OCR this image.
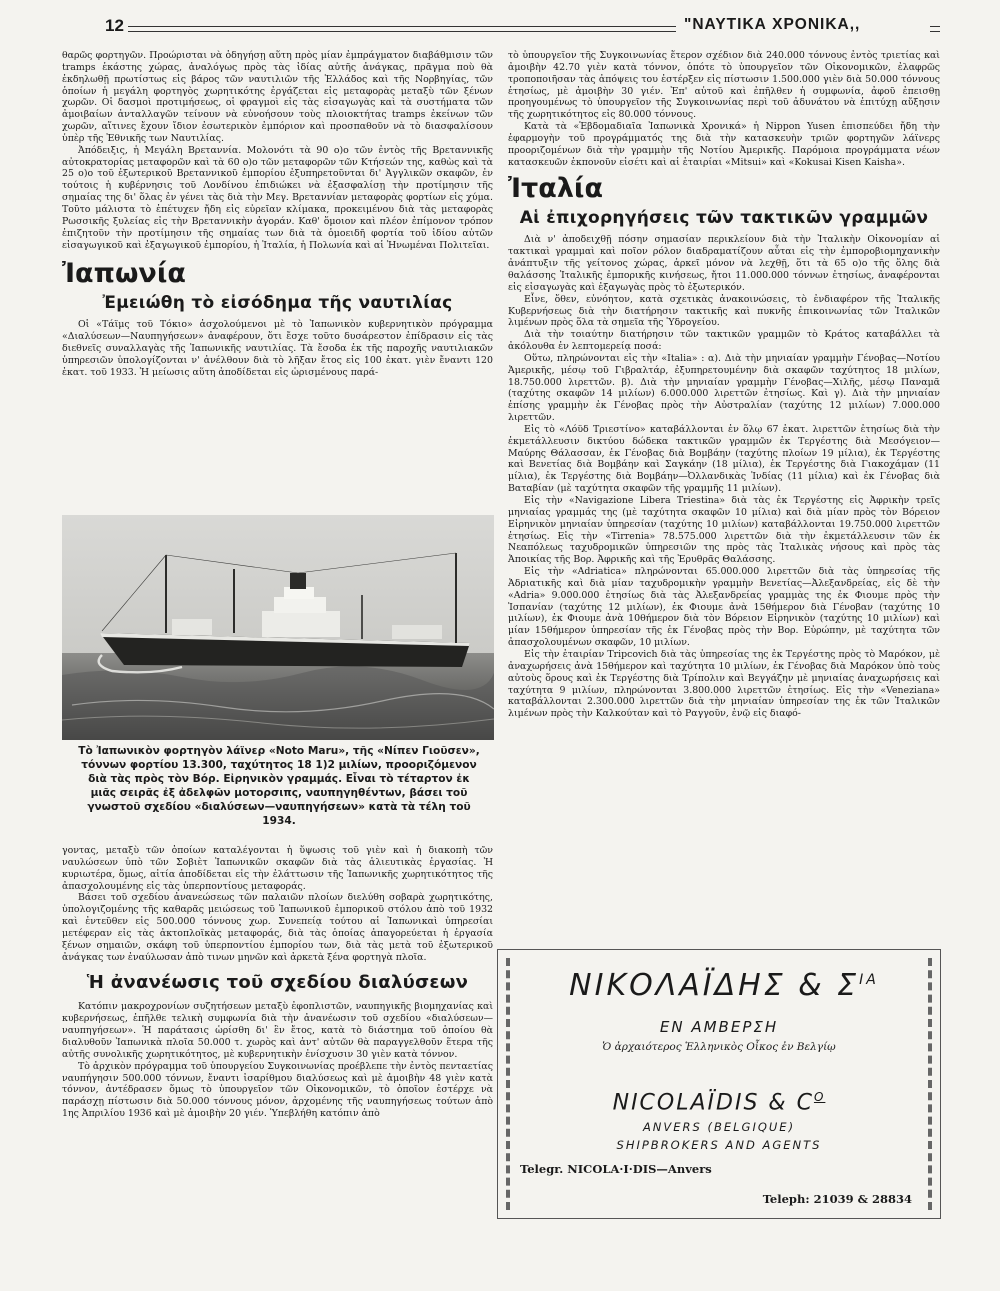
12	"ΝΑΥΤΙΚΑ ΧΡΟΝΙΚΑ,,

θαρῶς φορτηγῶν. Προώρισται νὰ ὁδηγήσῃ αὕτη πρὸς μίαν ἐμπράγματον διαβάθμισιν τῶν tramps ἑκάστης χώρας, ἀναλόγως πρὸς τὰς ἰδίας αὐτῆς ἀνάγκας, πρᾶγμα ποὺ θὰ ἐκδηλωθῇ πρωτίστως εἰς βάρος τῶν ναυτιλιῶν τῆς Ἑλλάδος καὶ τῆς Νορβηγίας, τῶν ὁποίων ἡ μεγάλη φορτηγὸς χωρητικότης ἐργάζεται εἰς μεταφορὰς μεταξὺ τῶν ξένων χωρῶν. Οἱ δασμοὶ προτιμήσεως, οἱ φραγμοὶ εἰς τὰς εἰσαγωγὰς καὶ τὰ συστήματα τῶν ἀμοιβαίων ἀνταλλαγῶν τείνουν νὰ εὐνοήσουν τοὺς πλοιοκτήτας tramps ἐκείνων τῶν χωρῶν, αἵτινες ἔχουν ἴδιον ἐσωτερικὸν ἐμπόριον καὶ προσπαθοῦν νὰ τὸ διασφαλίσουν ὑπὲρ τῆς Ἐθνικῆς των Ναυτιλίας.

Ἀπόδειξις, ἡ Μεγάλη Βρεταννία. Μολονότι τὰ 90 ο)ο τῶν ἐντὸς τῆς Βρεταννικῆς αὐτοκρατορίας μεταφορῶν καὶ τὰ 60 ο)ο τῶν μεταφορῶν τῶν Κτήσεών της, καθὼς καὶ τὰ 25 ο)ο τοῦ ἐξωτερικοῦ Βρεταννικοῦ ἐμπορίου ἐξυπηρετοῦνται δι' Ἀγγλικῶν σκαφῶν, ἐν τούτοις ἡ κυβέρνησις τοῦ Λονδίνου ἐπιδιώκει νὰ ἐξασφαλίσῃ τὴν προτίμησιν τῆς σημαίας της δι' ὅλας ἐν γένει τὰς διὰ τὴν Μεγ. Βρεταννίαν μεταφορὰς φορτίων εἰς χύμα. Τοῦτο μάλιστα τὸ ἐπέτυχεν ἤδη εἰς εὐρεῖαν κλίμακα, προκειμένου διὰ τὰς μεταφορὰς Ρωσσικῆς ξυλείας εἰς τὴν Βρεταννικὴν ἀγοράν. Καθ' ὅμοιον καὶ πλέον ἐπίμονον τρόπον ἐπιζητοῦν τὴν προτίμησιν τῆς σημαίας των διὰ τὰ ὁμοειδῆ φορτία τοῦ ἰδίου αὐτῶν εἰσαγωγικοῦ καὶ ἐξαγωγικοῦ ἐμπορίου, ἡ Ἰταλία, ἡ Πολωνία καὶ αἱ Ἠνωμέναι Πολιτεῖαι.

Ἰαπωνία
Ἐμειώθη τὸ εἰσόδημα τῆς ναυτιλίας

Οἱ «Τάϊμς τοῦ Τόκιο» ἀσχολούμενοι μὲ τὸ Ἰαπωνικὸν κυβερνητικὸν πρόγραμμα «Διαλύσεων—Ναυπηγήσεων» ἀναφέρουν, ὅτι ἔσχε τοῦτο δυσάρεστον ἐπίδρασιν εἰς τὰς διεθνεῖς συναλλαγὰς τῆς Ἰαπωνικῆς ναυτιλίας. Τὰ ἔσοδα ἐκ τῆς παροχῆς ναυτιλιακῶν ὑπηρεσιῶν ὑπολογίζονται ν' ἀνέλθουν διὰ τὸ λῆξαν ἔτος εἰς 100 ἑκατ. γιὲν ἔναντι 120 ἑκατ. τοῦ 1933. Ἡ μείωσις αὕτη ἀποδίδεται εἰς ὡρισμένους παρά-

Τὸ Ἰαπωνικὸν φορτηγὸν λάϊνερ «Noto Maru», τῆς «Νίπεν Γιοῦσεν», τόννων φορτίου 13.300, ταχύτητος 18 1)2 μιλίων, προοριζόμενον διὰ τὰς πρὸς τὸν Βόρ. Εἰρηνικὸν γραμμάς. Εἶναι τὸ τέταρτον ἐκ μιᾶς σειρᾶς ἐξ ἀδελφῶν μοτορσιπς, ναυπηγηθέντων, βάσει τοῦ γνωστοῦ σχεδίου «διαλύσεων—ναυπηγήσεων» κατὰ τὰ τέλη τοῦ 1934.

γοντας, μεταξὺ τῶν ὁποίων καταλέγονται ἡ ὕψωσις τοῦ γιὲν καὶ ἡ διακοπὴ τῶν ναυλώσεων ὑπὸ τῶν Σοβιὲτ Ἰαπωνικῶν σκαφῶν διὰ τὰς ἁλιευτικὰς ἐργασίας. Ἡ κυριωτέρα, ὅμως, αἰτία ἀποδίδεται εἰς τὴν ἐλάττωσιν τῆς Ἰαπωνικῆς χωρητικότητος τῆς ἀπασχολουμένης εἰς τὰς ὑπερποντίους μεταφοράς.

Βάσει τοῦ σχεδίου ἀνανεώσεως τῶν παλαιῶν πλοίων διελύθη σοβαρὰ χωρητικότης, ὑπολογιζομένης τῆς καθαρᾶς μειώσεως τοῦ Ἰαπωνικοῦ ἐμπορικοῦ στόλου ἀπὸ τοῦ 1932 καὶ ἐντεῦθεν εἰς 500.000 τόννους χωρ. Συνεπείᾳ τούτου αἱ Ἰαπωνικαὶ ὑπηρεσίαι μετέφεραν εἰς τὰς ἀκτοπλοϊκὰς μεταφοράς, διὰ τὰς ὁποίας ἀπαγορεύεται ἡ ἐργασία ξένων σημαιῶν, σκάφη τοῦ ὑπερποντίου ἐμπορίου των, διὰ τὰς μετὰ τοῦ ἐξωτερικοῦ ἀνάγκας των ἐναύλωσαν ἀπὸ τινων μηνῶν καὶ ἀρκετὰ ξένα φορτηγὰ πλοῖα.

Ἡ ἀνανέωσις τοῦ σχεδίου διαλύσεων

Κατόπιν μακροχρονίων συζητήσεων μεταξὺ ἐφοπλιστῶν, ναυπηγικῆς βιομηχανίας καὶ κυβερνήσεως, ἐπῆλθε τελικὴ συμφωνία διὰ τὴν ἀνανέωσιν τοῦ σχεδίου «διαλύσεων—ναυπηγήσεων». Ἡ παράτασις ὡρίσθη δι' ἓν ἔτος, κατὰ τὸ διάστημα τοῦ ὁποίου θὰ διαλυθοῦν Ἰαπωνικὰ πλοῖα 50.000 τ. χωρὸς καὶ ἀντ' αὐτῶν θὰ παραγγελθοῦν ἕτερα τῆς αὐτῆς συνολικῆς χωρητικότητος, μὲ κυβερνητικὴν ἐνίσχυσιν 30 γιὲν κατὰ τόννον.

Τὸ ἀρχικὸν πρόγραμμα τοῦ ὑπουργείου Συγκοινωνίας προέβλεπε τὴν ἐντὸς πενταετίας ναυπήγησιν 500.000 τόννων, ἔναντι ἰσαρίθμου διαλύσεως καὶ μὲ ἀμοιβὴν 48 γιὲν κατὰ τόννον, ἀντέδρασεν ὅμως τὸ ὑπουργεῖον τῶν Οἰκονομικῶν, τὸ ὁποῖον ἐστέρχε νὰ παράσχῃ πίστωσιν διὰ 50.000 τόννους μόνον, ἀρχομένης τῆς ναυπηγήσεως τούτων ἀπὸ 1ης Ἀπριλίου 1936 καὶ μὲ ἀμοιβὴν 20 γιέν. Ὑπεβλήθη κατόπιν ἀπὸ

τὸ ὑπουργεῖον τῆς Συγκοινωνίας ἕτερον σχέδιον διὰ 240.000 τόννους ἐντὸς τριετίας καὶ ἀμοιβὴν 42.70 γιὲν κατὰ τόννον, ὁπότε τὸ ὑπουργεῖον τῶν Οἰκονομικῶν, ἐλαφρῶς τροποποιῆσαν τὰς ἀπόψεις του ἐστέρξεν εἰς πίστωσιν 1.500.000 γιὲν διὰ 50.000 τόννους ἐτησίως, μὲ ἀμοιβὴν 30 γιέν. Ἐπ' αὐτοῦ καὶ ἐπῆλθεν ἡ συμφωνία, ἀφοῦ ἐπεισθῃ προηγουμένως τὸ ὑπουργεῖον τῆς Συγκοινωνίας περὶ τοῦ ἀδυνάτου νὰ ἐπιτύχῃ αὔξησιν τῆς χωρητικότητος εἰς 80.000 τόννους.

Κατὰ τὰ «Ἑβδομαδιαῖα Ἰαπωνικὰ Χρονικά» ἡ Nippon Yusen ἐπισπεύδει ἤδη τὴν ἐφαρμογὴν τοῦ προγράμματός της διὰ τὴν κατασκευὴν τριῶν φορτηγῶν λάϊνερς προοριζομένων διὰ τὴν γραμμὴν τῆς Νοτίου Ἀμερικῆς. Παρόμοια προγράμματα νέων κατασκευῶν ἐκπονοῦν εἰσέτι καὶ αἱ ἑταιρίαι «Mitsui» καὶ «Kokusai Kisen Kaisha».

Ἰταλία
Αἱ ἐπιχορηγήσεις τῶν τακτικῶν γραμμῶν

Διὰ ν' ἀποδειχθῇ πόσην σημασίαν περικλείουν διὰ τὴν Ἰταλικὴν Οἰκονομίαν αἱ τακτικαὶ γραμμαὶ καὶ ποῖον ρόλον διαδραματίζουν αὗται εἰς τὴν ἐμποροβιομηχανικὴν ἀνάπτυξιν τῆς γείτονος χώρας, ἀρκεῖ μόνον νὰ λεχθῇ, ὅτι τὰ 65 ο)ο τῆς ὅλης διὰ θαλάσσης Ἰταλικῆς ἐμπορικῆς κινήσεως, ἤτοι 11.000.000 τόννων ἐτησίως, ἀναφέρονται εἰς εἰσαγωγὰς καὶ ἐξαγωγὰς πρὸς τὸ ἐξωτερικόν.

Εἶνε, ὅθεν, εὐνόητον, κατὰ σχετικὰς ἀνακοινώσεις, τὸ ἐνδιαφέρον τῆς Ἰταλικῆς Κυβερνήσεως διὰ τὴν διατήρησιν τακτικῆς καὶ πυκνῆς ἐπικοινωνίας τῶν Ἰταλικῶν λιμένων πρὸς ὅλα τὰ σημεῖα τῆς Ὑδρογείου.

Διὰ τὴν τοιαύτην διατήρησιν τῶν τακτικῶν γραμμῶν τὸ Κράτος καταβάλλει τὰ ἀκόλουθα ἐν λεπτομερείᾳ ποσά:

Οὕτω, πληρώνονται εἰς τὴν «Italia» : α). Διὰ τὴν μηνιαίαν γραμμὴν Γένοβας—Νοτίου Ἀμερικῆς, μέσῳ τοῦ Γιβραλτάρ, ἐξυπηρετουμένην διὰ σκαφῶν ταχύτητος 18 μιλίων, 18.750.000 λιρεττῶν. β). Διὰ τὴν μηνιαίαν γραμμὴν Γένοβας—Χιλῆς, μέσῳ Παναμᾶ (ταχύτης σκαφῶν 14 μιλίων) 6.000.000 λιρεττῶν ἐτησίως. Καὶ γ). Διὰ τὴν μηνιαίαν ἐπίσης γραμμὴν ἐκ Γένοβας πρὸς τὴν Αὐστραλίαν (ταχύτης 12 μιλίων) 7.000.000 λιρεττῶν.

Εἰς τὸ «Λόϋδ Τριεστίνο» καταβάλλονται ἐν ὅλῳ 67 ἑκατ. λιρεττῶν ἐτησίως διὰ τὴν ἐκμετάλλευσιν δικτύου δώδεκα τακτικῶν γραμμῶν ἐκ Τεργέστης διὰ Μεσόγειον—Μαύρης Θάλασσαν, ἐκ Γένοβας διὰ Βομβάην (ταχύτης πλοίων 19 μίλια), ἐκ Τεργέστης καὶ Βενετίας διὰ Βομβάην καὶ Σαγκάην (18 μίλια), ἐκ Τεργέστης διὰ Γιακοχάμαν (11 μίλια), ἐκ Τεργέστης διὰ Βομβάην—Ὀλλανδικὰς Ἰνδίας (11 μίλια) καὶ ἐκ Γένοβας διὰ Βαταβίαν (μὲ ταχύτητα σκαφῶν τῆς γραμμῆς 11 μιλίων).

Εἰς τὴν «Navigazione Libera Triestina» διὰ τὰς ἐκ Τεργέστης εἰς Ἀφρικὴν τρεῖς μηνιαίας γραμμάς της (μὲ ταχύτητα σκαφῶν 10 μίλια) καὶ διὰ μίαν πρὸς τὸν Βόρειον Εἰρηνικὸν μηνιαίαν ὑπηρεσίαν (ταχύτης 10 μιλίων) καταβάλλονται 19.750.000 λιρεττῶν ἐτησίως. Εἰς τὴν «Tirrenia» 78.575.000 λιρεττῶν διὰ τὴν ἐκμετάλλευσιν τῶν ἐκ Νεαπόλεως ταχυδρομικῶν ὑπηρεσιῶν της πρὸς τὰς Ἰταλικὰς νήσους καὶ πρὸς τὰς Ἀποικίας τῆς Βορ. Ἀφρικῆς καὶ τῆς Ἐρυθρᾶς Θαλάσσης.

Εἰς τὴν «Adriatica» πληρώνονται 65.000.000 λιρεττῶν διὰ τὰς ὑπηρεσίας τῆς Ἀδριατικῆς καὶ διὰ μίαν ταχυδρομικὴν γραμμὴν Βενετίας—Ἀλεξανδρείας, εἰς δὲ τὴν «Adria» 9.000.000 ἐτησίως διὰ τὰς Ἀλεξανδρείας γραμμὰς της ἐκ Φιουμε πρὸς τὴν Ἰσπανίαν (ταχύτης 12 μιλίων), ἐκ Φιουμε ἀνὰ 15θήμερον διὰ Γένοβαν (ταχύτης 10 μιλίων), ἐκ Φιουμε ἀνὰ 10θήμερον διὰ τὸν Βόρειον Εἰρηνικὸν (ταχύτης 10 μιλίων) καὶ μίαν 15θήμερον ὑπηρεσίαν τῆς ἐκ Γένοβας πρὸς τὴν Βορ. Εὐρώπην, μὲ ταχύτητα τῶν ἀπασχολουμένων σκαφῶν, 10 μιλίων.

Εἰς τὴν ἑταιρίαν Tripcovich διὰ τὰς ὑπηρεσίας της ἐκ Τεργέστης πρὸς τὸ Μαρόκον, μὲ ἀναχωρήσεις ἀνὰ 15θήμερον καὶ ταχύτητα 10 μιλίων, ἐκ Γένοβας διὰ Μαρόκον ὑπὸ τοὺς αὐτοὺς ὅρους καὶ ἐκ Τεργέστης διὰ Τρίπολιν καὶ Βεγγάζην μὲ μηνιαίας ἀναχωρήσεις καὶ ταχύτητα 9 μιλίων, πληρώνονται 3.800.000 λιρεττῶν ἐτησίως. Εἰς τὴν «Veneziana» καταβάλλονται 2.300.000 λιρεττῶν διὰ τὴν μηνιαίαν ὑπηρεσίαν της ἐκ τῶν Ἰταλικῶν λιμένων πρὸς τὴν Καλκούταν καὶ τὸ Ραγγοῦν, ἐνῷ εἰς διαφό-

ΝΙΚΟΛΑΪΔΗΣ & $\Sigma^{IA}$
ΕΝ ΑΜΒΕΡΣΗ
Ὁ ἀρχαιότερος Ἑλληνικὸς Οἶκος ἐν Βελγίῳ
NICOLAÏDIS & $C^O$
ANVERS (BELGIQUE)
SHIPBROKERS AND AGENTS
Telegr. NICOLA·I·DIS—Anvers
Teleph: 21039 & 28834
